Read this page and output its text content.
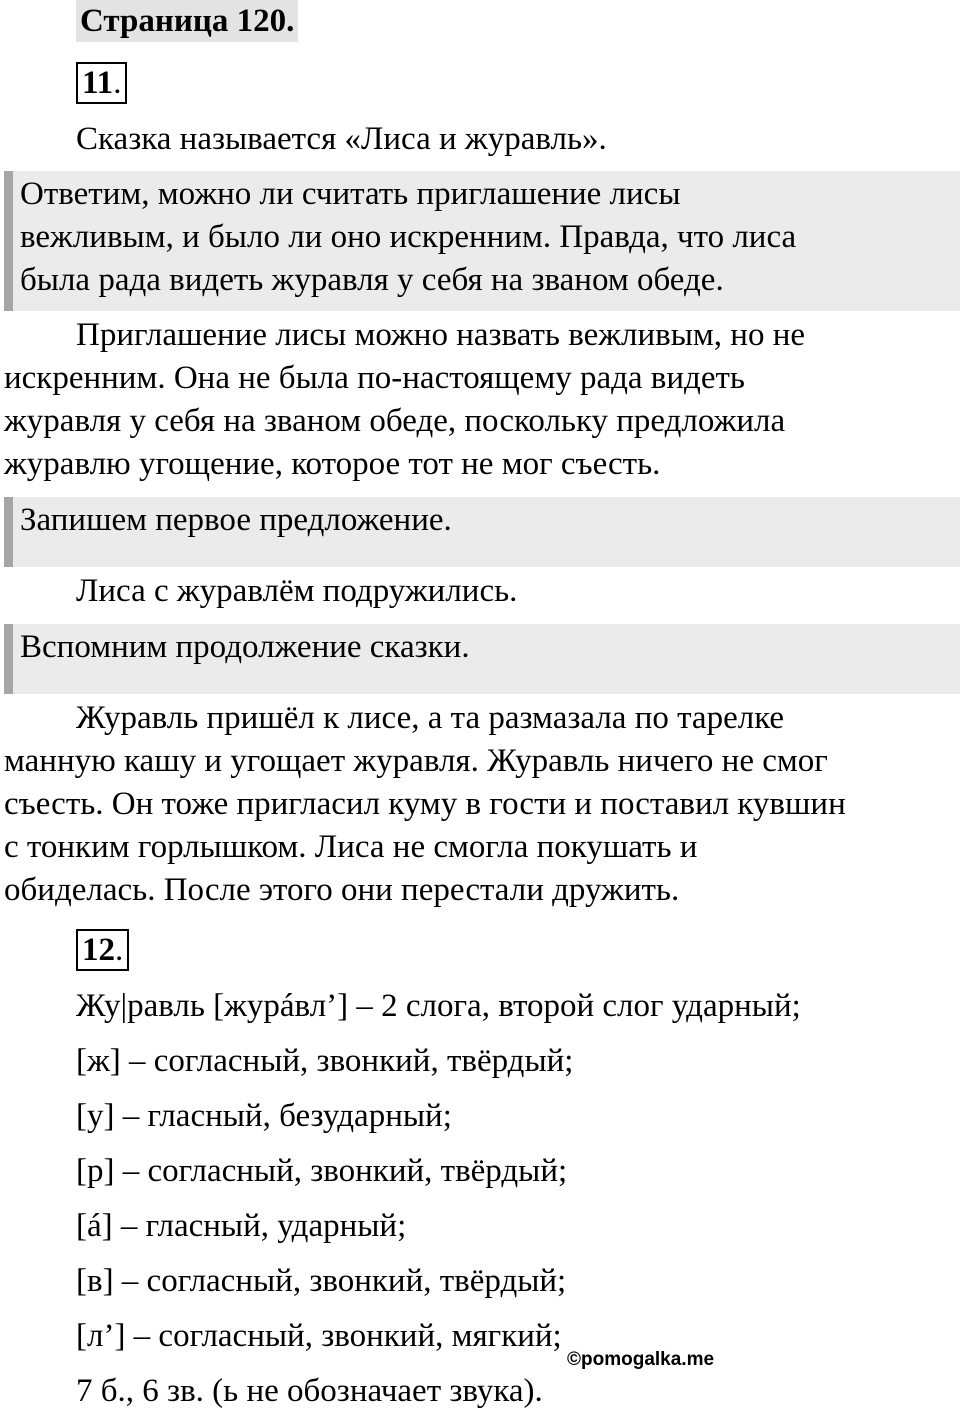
Страница 120.
11 .
Сказка называется «Лиса и журавль».
Ответим, можно ли считать приглашение лисы
вежливым, и было ли оно искренним. Правда, что лиса
была рада видеть журавля у себя на званом обеде.
Приглашение лисы можно назвать вежливым, но не
искренним. Она не была по-настоящему рада видеть
журавля у себя на званом обеде, поскольку предложила
журавлю угощение, которое тот не мог съесть.
Запишем первое предложение.
Лиса с журавлём подружились.
Вспомним продолжение сказки.
Журавль пришёл к лисе, а та размазала по тарелке
манную кашу и угощает журавля. Журавль ничего не смог
съесть. Он тоже пригласил куму в гости и поставил кувшин
с тонким горлышком. Лиса не смогла покушать и
обиделась. После этого они перестали дружить.
12 .
Жу|равль [журáвл’] – 2 слога, второй слог ударный;
[ж] – согласный, звонкий, твёрдый;
[у] – гласный, безударный;
[р] – согласный, звонкий, твёрдый;
[á] – гласный, ударный;
[в] – согласный, звонкий, твёрдый;
[л’] – согласный, звонкий, мягкий;
7 б., 6 зв. (ь не обозначает звука).
©pomogalka.me
